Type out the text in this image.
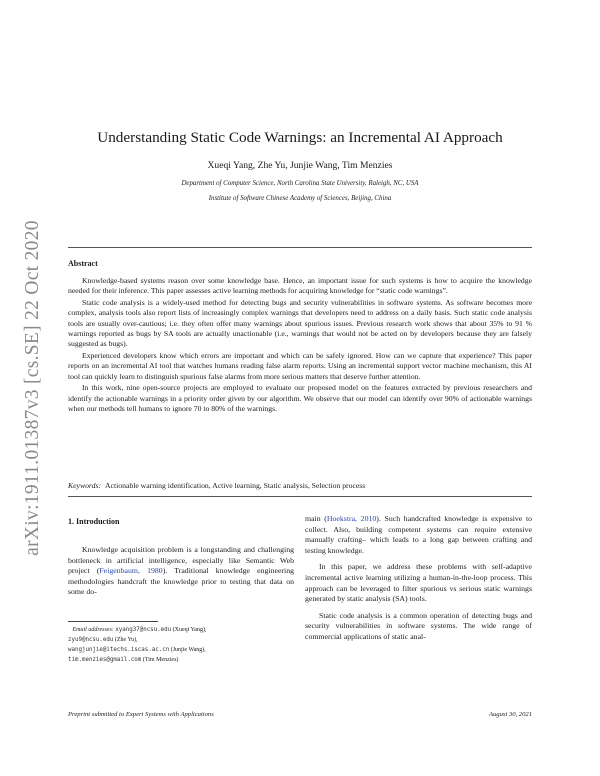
arXiv:1911.01387v3 [cs.SE] 22 Oct 2020
Understanding Static Code Warnings: an Incremental AI Approach
Xueqi Yang, Zhe Yu, Junjie Wang, Tim Menzies
Department of Computer Science, North Carolina State University, Raleigh, NC, USA
Institute of Software Chinese Academy of Sciences, Beijing, China
Abstract

Knowledge-based systems reason over some knowledge base. Hence, an important issue for such systems is how to acquire the knowledge needed for their inference. This paper assesses active learning methods for acquiring knowledge for “static code warnings”.

Static code analysis is a widely-used method for detecting bugs and security vulnerabilities in software systems. As software becomes more complex, analysis tools also report lists of increasingly complex warnings that developers need to address on a daily basis. Such static code analysis tools are usually over-cautious; i.e. they often offer many warnings about spurious issues. Previous research work shows that about 35% to 91 % warnings reported as bugs by SA tools are actually unactionable (i.e., warnings that would not be acted on by developers because they are falsely suggested as bugs).

Experienced developers know which errors are important and which can be safely ignored. How can we capture that experience? This paper reports on an incremental AI tool that watches humans reading false alarm reports. Using an incremental support vector machine mechanism, this AI tool can quickly learn to distinguish spurious false alarms from more serious matters that deserve further attention.

In this work, nine open-source projects are employed to evaluate our proposed model on the features extracted by previous researchers and identify the actionable warnings in a priority order given by our algorithm. We observe that our model can identify over 90% of actionable warnings when our methods tell humans to ignore 70 to 80% of the warnings.

Keywords: Actionable warning identification, Active learning, Static analysis, Selection process
1. Introduction

Knowledge acquisition problem is a longstanding and challenging bottleneck in artificial intelligence, especially like Semantic Web project (Feigenbaum, 1980). Traditional knowledge engineering methodologies handcraft the knowledge prior to testing that data on some do-

Email addresses: xyang37@ncsu.edu (Xueqi Yang),
zyu9@ncsu.edu (Zhe Yu),
wangjunjie@itechs.iscas.ac.cn (Junjie Wang),
tim.menzies@gmail.com (Tim Menzies)

main (Hoekstra, 2010). Such handcrafted knowledge is expensive to collect. Also, building competent systems can require extensive manually crafting– which leads to a long gap between crafting and testing knowledge.

In this paper, we address these problems with self-adaptive incremental active learning utilizing a human-in-the-loop process. This approach can be leveraged to filter spurious vs serious static warnings generated by static analysis (SA) tools.

Static code analysis is a common operation of detecting bugs and security vulnerabilities in software systems. The wide range of commercial applications of static anal-

Preprint submitted to Expert Systems with Applications	August 30, 2021
